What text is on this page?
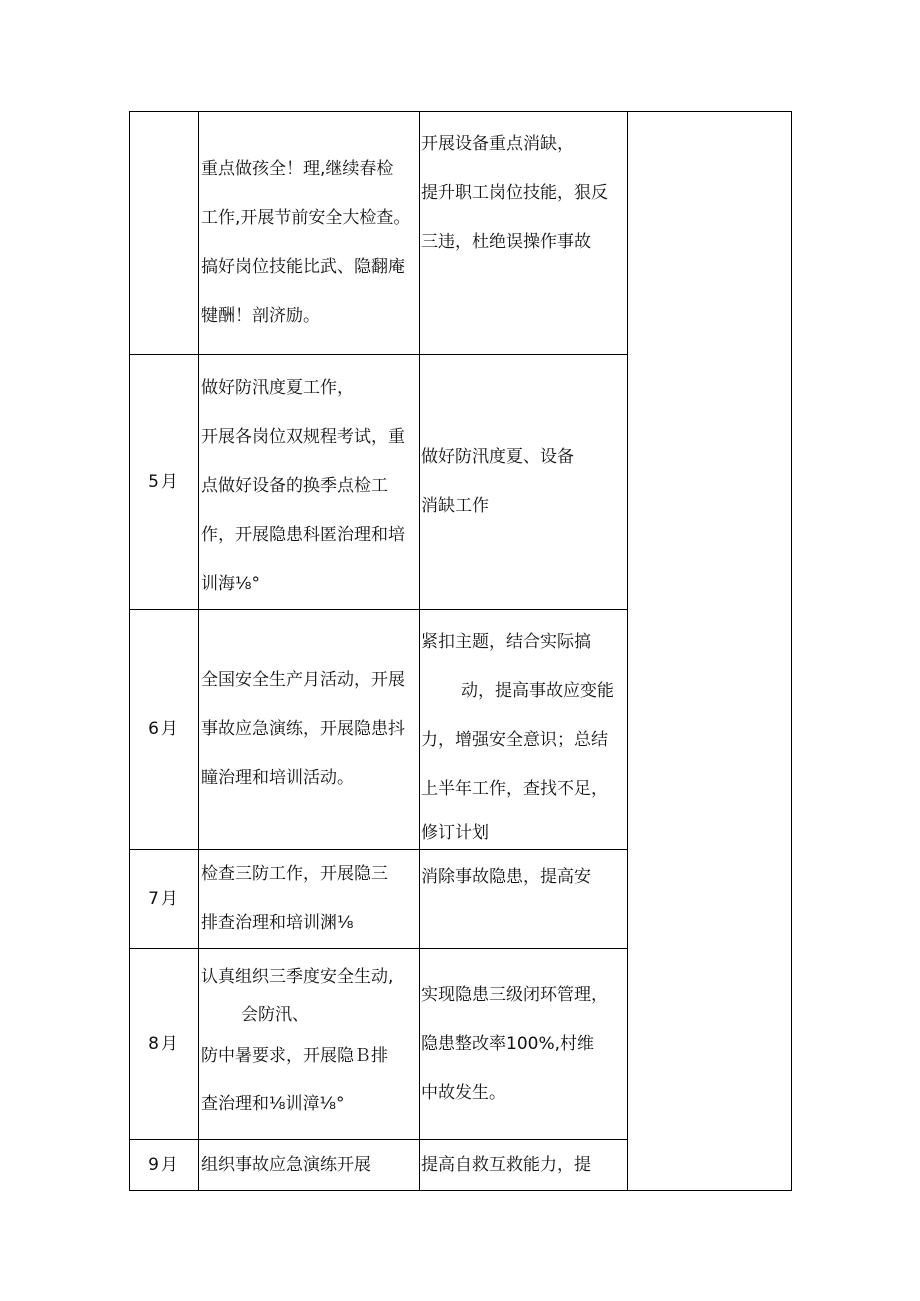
	重点做孩全！理,继续春检
工作,开展节前安全大检查。
搞好岗位技能比武、隐翻庵
犍酬！剖济励。	开展设备重点消缺，
提升职工岗位技能，狠反
三违，杜绝误操作事故	

5月	做好防汛度夏工作，
开展各岗位双规程考试，重
点做好设备的换季点检工
作，开展隐患科匿治理和培
训海⅛°	做好防汛度夏、设备
消缺工作	

6月	全国安全生产月活动，开展
事故应急演练，开展隐患抖
瞳治理和培训活动。	紧扣主题，结合实际搞
动，提高事故应变能
力，增强安全意识；总结
上半年工作，查找不足，
修订计划	

7月	检查三防工作，开展隐三
排查治理和培训渊⅛	消除事故隐患，提高安	

8月	认真组织三季度安全生动,
会防汛、
防中暑要求，开展隐Ｂ排
查治理和⅛训漳⅛°	实现隐患三级闭环管理，
隐患整改率100%,村维
中故发生。	

9月	组织事故应急演练开展	提高自救互救能力，提	
